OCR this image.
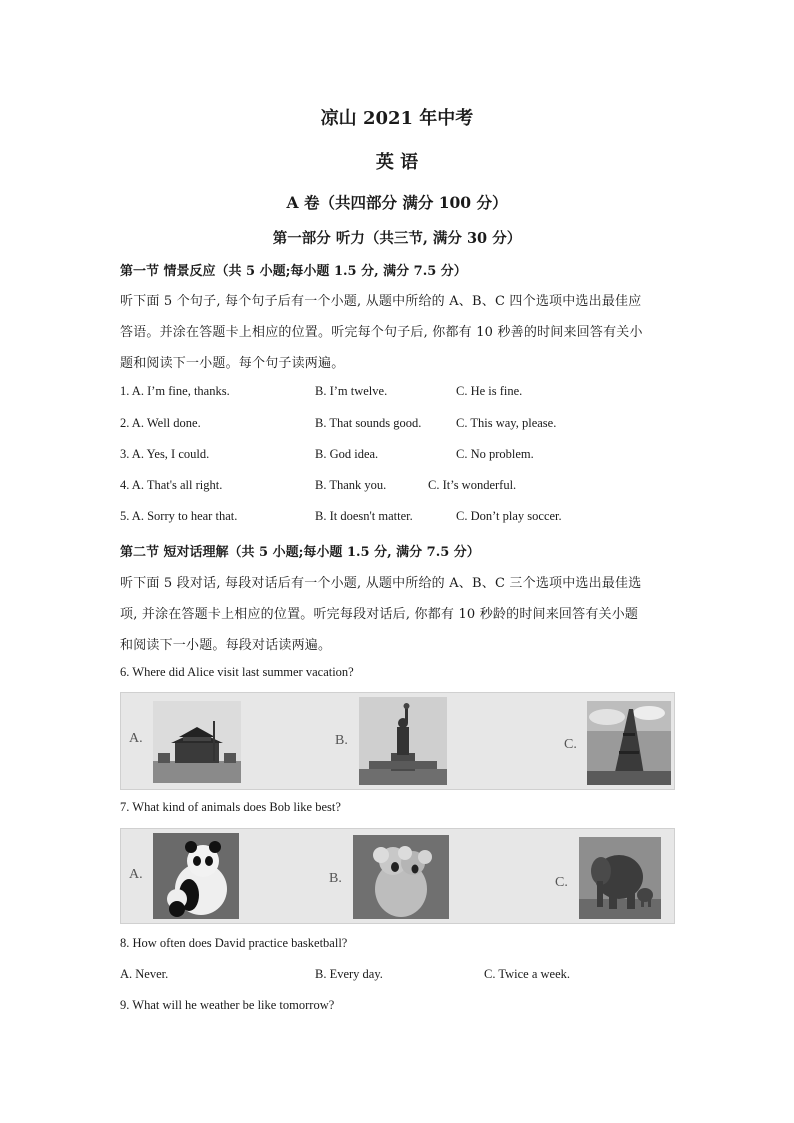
凉山 2021 年中考
英 语
A 卷（共四部分 满分 100 分）
第一部分 听力（共三节, 满分 30 分）
第一节 情景反应（共 5 小题;每小题 1.5 分, 满分 7.5 分）
听下面 5 个句子, 每个句子后有一个小题, 从题中所给的 A、B、C 四个选项中选出最佳应
答语。并涂在答题卡上相应的位置。听完每个句子后, 你都有 10 秒善的时间来回答有关小
题和阅读下一小题。每个句子读两遍。
1. A. I’m fine, thanks.	B. I’m twelve.	C. He is fine.
2. A. Well done.	B. That sounds good.	C. This way, please.
3. A. Yes, I could.	B. God idea.	C. No problem.
4. A. That's all right.	B. Thank you.	C. It’s wonderful.
5. A. Sorry to hear that.	B. It doesn't matter.	C. Don’t play soccer.
第二节 短对话理解（共 5 小题;每小题 1.5 分, 满分 7.5 分）
听下面 5 段对话, 每段对话后有一个小题, 从题中所给的 A、B、C 三个选项中选出最佳选
项, 并涂在答题卡上相应的位置。听完每段对话后, 你都有 10 秒龄的时间来回答有关小题
和阅读下一小题。每段对话读两遍。
6. Where did Alice visit last summer vacation?
A.	B.	C.
7. What kind of animals does Bob like best?
A.	B.	C.
8. How often does David practice basketball?
A. Never.	B. Every day.	C. Twice a week.
9. What will he weather be like tomorrow?
